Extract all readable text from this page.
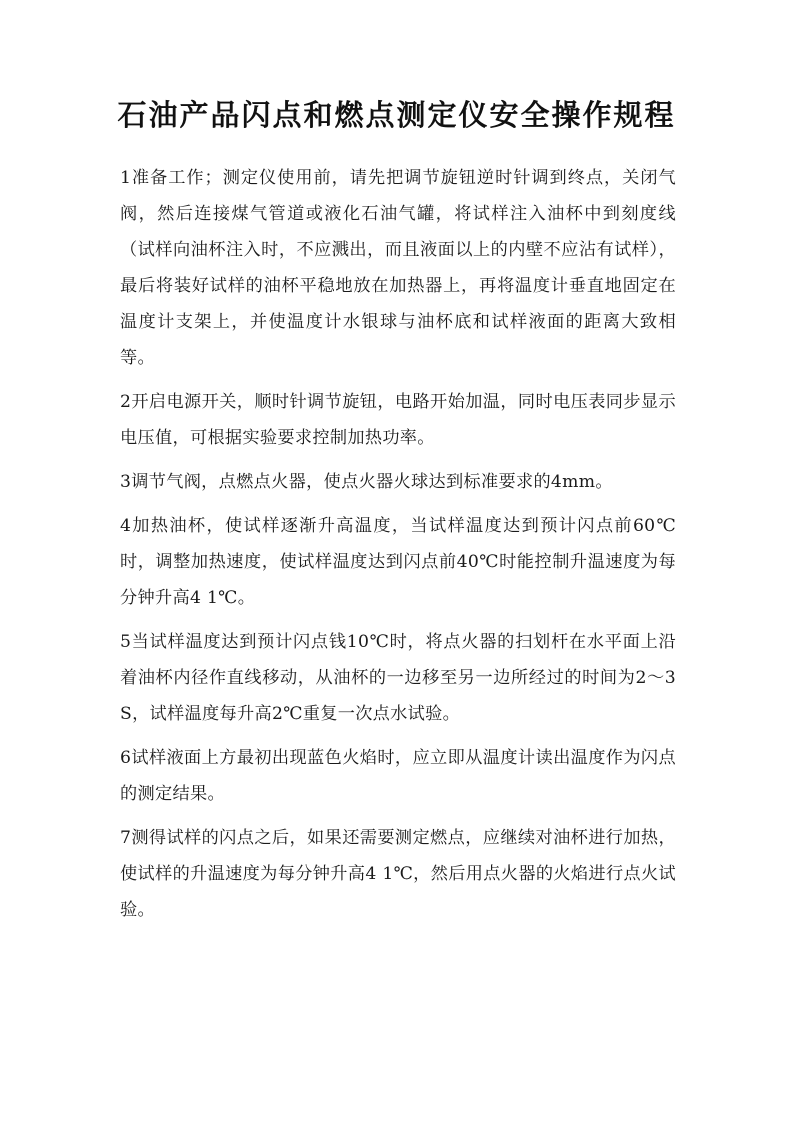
石油产品闪点和燃点测定仪安全操作规程

1准备工作；测定仪使用前，请先把调节旋钮逆时针调到终点，关闭气阀，然后连接煤气管道或液化石油气罐，将试样注入油杯中到刻度线（试样向油杯注入时，不应溅出，而且液面以上的内壁不应沾有试样），最后将装好试样的油杯平稳地放在加热器上，再将温度计垂直地固定在温度计支架上，并使温度计水银球与油杯底和试样液面的距离大致相等。

2开启电源开关，顺时针调节旋钮，电路开始加温，同时电压表同步显示电压值，可根据实验要求控制加热功率。

3调节气阀，点燃点火器，使点火器火球达到标准要求的4mm。

4加热油杯，使试样逐渐升高温度，当试样温度达到预计闪点前60℃时，调整加热速度，使试样温度达到闪点前40℃时能控制升温速度为每分钟升高4 1℃。

5当试样温度达到预计闪点钱10℃时，将点火器的扫划杆在水平面上沿着油杯内径作直线移动，从油杯的一边移至另一边所经过的时间为2～3S，试样温度每升高2℃重复一次点水试验。

6试样液面上方最初出现蓝色火焰时，应立即从温度计读出温度作为闪点的测定结果。

7测得试样的闪点之后，如果还需要测定燃点，应继续对油杯进行加热，使试样的升温速度为每分钟升高4 1℃，然后用点火器的火焰进行点火试验。
